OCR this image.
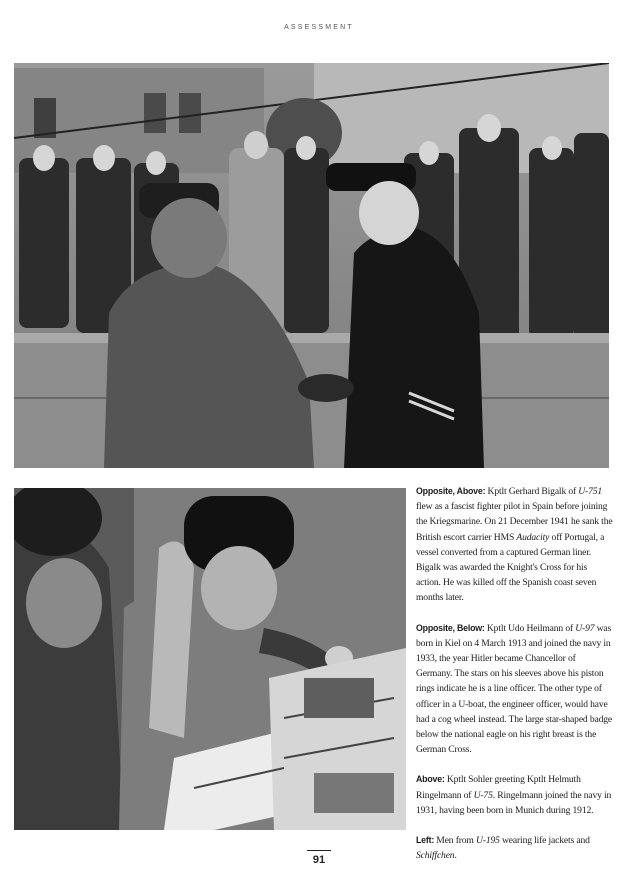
ASSESSMENT

Opposite, Above: Kptlt Gerhard Bigalk of U-751 flew as a fascist fighter pilot in Spain before joining the Kriegsmarine. On 21 December 1941 he sank the British escort carrier HMS Audacity off Portugal, a vessel converted from a captured German liner. Bigalk was awarded the Knight's Cross for his action. He was killed off the Spanish coast seven months later.

Opposite, Below: Kptlt Udo Heilmann of U-97 was born in Kiel on 4 March 1913 and joined the navy in 1933, the year Hitler became Chancellor of Germany. The stars on his sleeves above his piston rings indicate he is a line officer. The other type of officer in a U-boat, the engineer officer, would have had a cog wheel instead. The large star-shaped badge below the national eagle on his right breast is the German Cross.

Above: Kptlt Sohler greeting Kptlt Helmuth Ringelmann of U-75. Ringelmann joined the navy in 1931, having been born in Munich during 1912.

Left: Men from U-195 wearing life jackets and Schiffchen.

91
